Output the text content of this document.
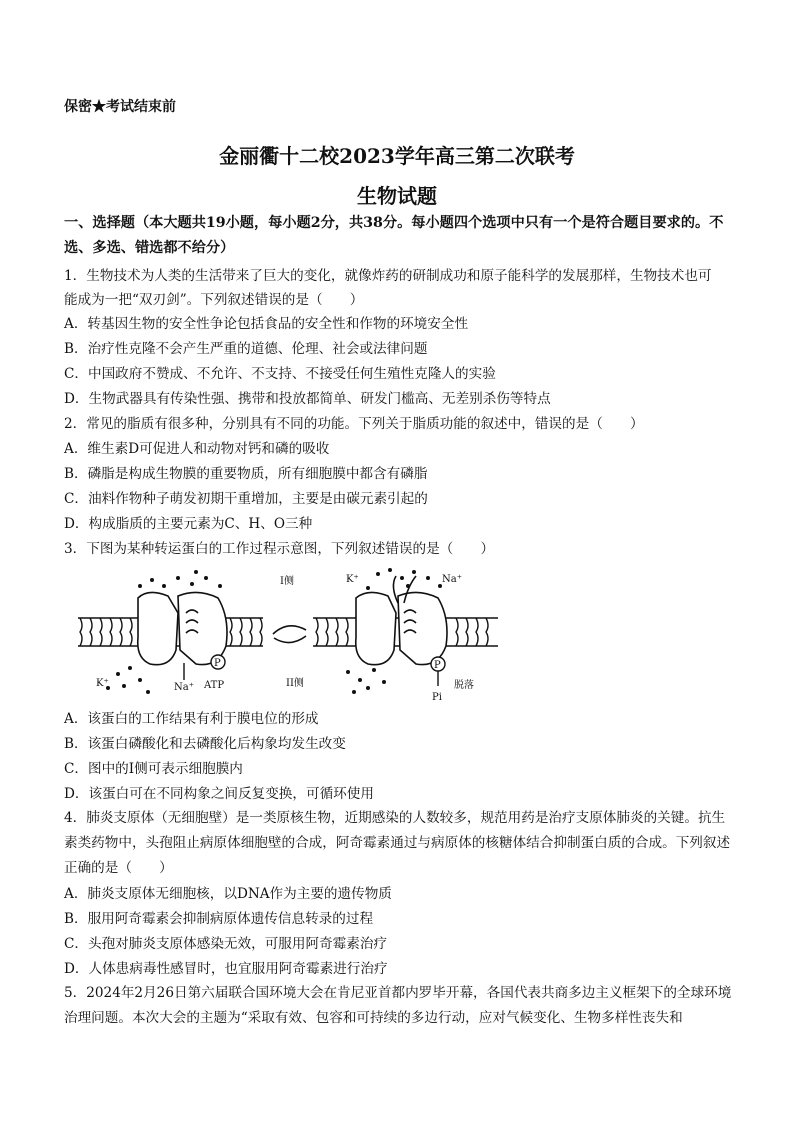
保密★考试结束前
金丽衢十二校2023学年高三第二次联考
生物试题
一、选择题（本大题共19小题，每小题2分，共38分。每小题四个选项中只有一个是符合题目要求的。不选、多选、错选都不给分）
1．生物技术为人类的生活带来了巨大的变化，就像炸药的研制成功和原子能科学的发展那样，生物技术也可
能成为一把“双刃剑”。下列叙述错误的是（　　）
A．转基因生物的安全性争论包括食品的安全性和作物的环境安全性
B．治疗性克隆不会产生严重的道德、伦理、社会或法律问题
C．中国政府不赞成、不允许、不支持、不接受任何生殖性克隆人的实验
D．生物武器具有传染性强、携带和投放都简单、研发门槛高、无差别杀伤等特点
2．常见的脂质有很多种，分别具有不同的功能。下列关于脂质功能的叙述中，错误的是（　　）
A．维生素D可促进人和动物对钙和磷的吸收
B．磷脂是构成生物膜的重要物质，所有细胞膜中都含有磷脂
C．油料作物种子萌发初期干重增加，主要是由碳元素引起的
D．构成脂质的主要元素为C、H、O三种
3．下图为某种转运蛋白的工作过程示意图，下列叙述错误的是（　　）
P	P
I侧
II侧
K⁺	Na⁺ ATP
K⁺	Na⁺
脱落
Pi
A．该蛋白的工作结果有利于膜电位的形成
B．该蛋白磷酸化和去磷酸化后构象均发生改变
C．图中的I侧可表示细胞膜内
D．该蛋白可在不同构象之间反复变换，可循环使用
4．肺炎支原体（无细胞壁）是一类原核生物，近期感染的人数较多，规范用药是治疗支原体肺炎的关键。抗生素类药物中，头孢阻止病原体细胞壁的合成，阿奇霉素通过与病原体的核糖体结合抑制蛋白质的合成。下列叙述正确的是（　　）
A．肺炎支原体无细胞核，以DNA作为主要的遗传物质
B．服用阿奇霉素会抑制病原体遗传信息转录的过程
C．头孢对肺炎支原体感染无效，可服用阿奇霉素治疗
D．人体患病毒性感冒时，也宜服用阿奇霉素进行治疗
5．2024年2月26日第六届联合国环境大会在肯尼亚首都内罗毕开幕，各国代表共商多边主义框架下的全球环境治理问题。本次大会的主题为“采取有效、包容和可持续的多边行动，应对气候变化、生物多样性丧失和
